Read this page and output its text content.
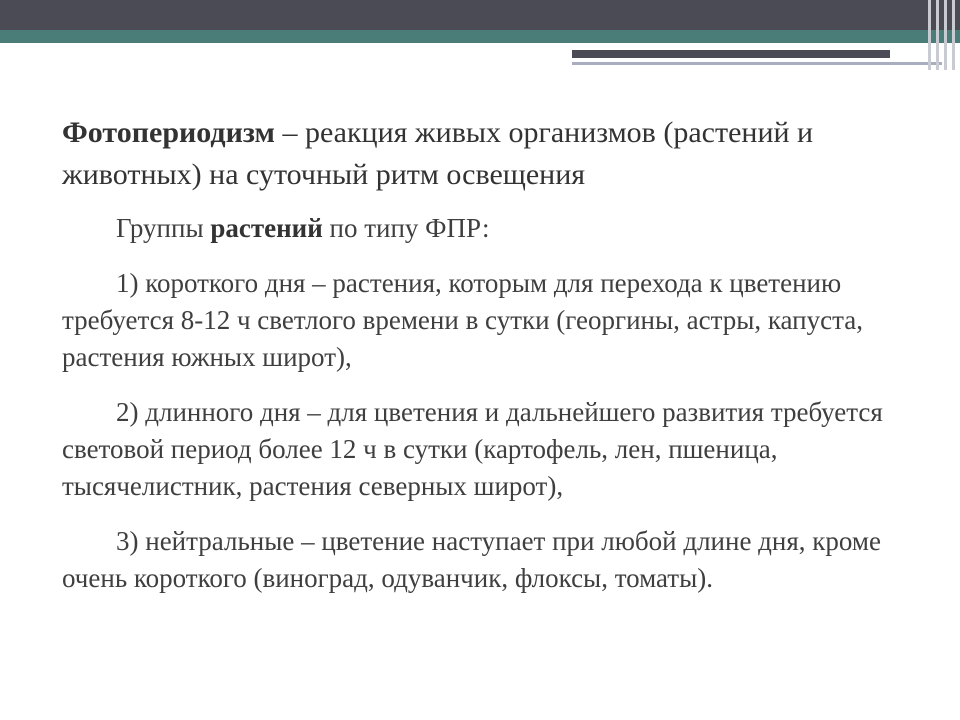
Фотопериодизм – реакция живых организмов (растений и животных) на суточный ритм освещения

Группы растений по типу ФПР:

1) короткого дня – растения, которым для перехода к цветению требуется 8-12 ч светлого времени в сутки (георгины, астры, капуста, растения южных широт),

2) длинного дня – для цветения и дальнейшего развития требуется световой период более 12 ч в сутки (картофель, лен, пшеница, тысячелистник, растения северных широт),

3) нейтральные – цветение наступает при любой длине дня, кроме очень короткого (виноград, одуванчик, флоксы, томаты).
